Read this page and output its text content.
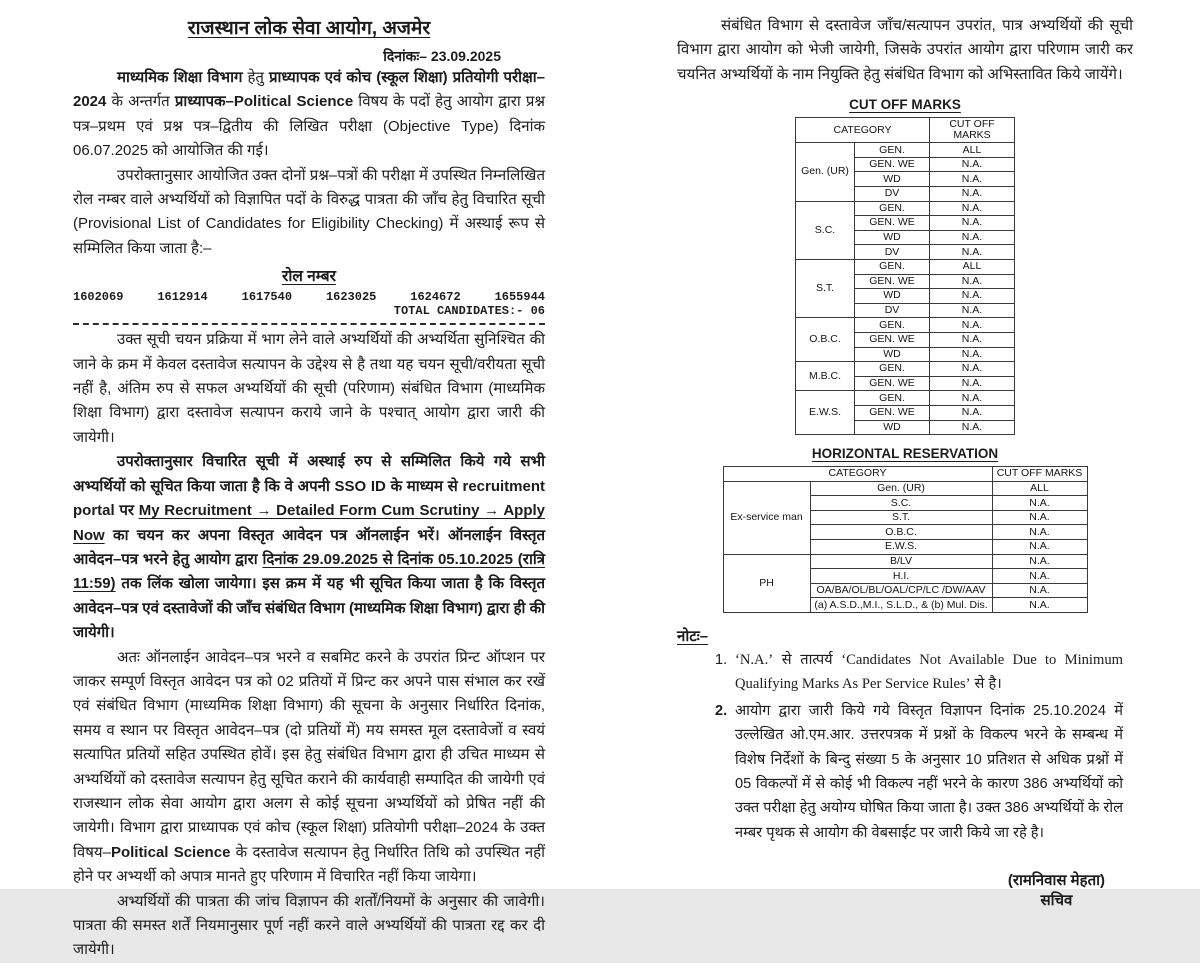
राजस्थान लोक सेवा आयोग, अजमेर
दिनांकः– 23.09.2025

माध्यमिक शिक्षा विभाग हेतु प्राध्यापक एवं कोच (स्कूल शिक्षा) प्रतियोगी परीक्षा–2024 के अन्तर्गत प्राध्यापक–Political Science विषय के पदों हेतु आयोग द्वारा प्रश्न पत्र–प्रथम एवं प्रश्न पत्र–द्वितीय की लिखित परीक्षा (Objective Type) दिनांक 06.07.2025 को आयोजित की गई।

उपरोक्तानुसार आयोजित उक्त दोनों प्रश्न–पत्रों की परीक्षा में उपस्थित निम्नलिखित रोल नम्बर वाले अभ्यर्थियों को विज्ञापित पदों के विरुद्ध पात्रता की जाँच हेतु विचारित सूची (Provisional List of Candidates for Eligibility Checking) में अस्थाई रूप से सम्मिलित किया जाता है:–

रोल नम्बर
1602069	1612914	1617540	1623025	1624672	1655944
TOTAL CANDIDATES:- 06

उक्त सूची चयन प्रक्रिया में भाग लेने वाले अभ्यर्थियों की अभ्यर्थिता सुनिश्चित की जाने के क्रम में केवल दस्तावेज सत्यापन के उद्देश्य से है तथा यह चयन सूची/वरीयता सूची नहीं है, अंतिम रुप से सफल अभ्यर्थियों की सूची (परिणाम) संबंधित विभाग (माध्यमिक शिक्षा विभाग) द्वारा दस्तावेज सत्यापन कराये जाने के पश्चात् आयोग द्वारा जारी की जायेगी।

उपरोक्तानुसार विचारित सूची में अस्थाई रुप से सम्मिलित किये गये सभी अभ्यर्थियों को सूचित किया जाता है कि वे अपनी SSO ID के माध्यम से recruitment portal पर My Recruitment → Detailed Form Cum Scrutiny → Apply Now का चयन कर अपना विस्तृत आवेदन पत्र ऑनलाईन भरें। ऑनलाईन विस्तृत आवेदन–पत्र भरने हेतु आयोग द्वारा दिनांक 29.09.2025 से दिनांक 05.10.2025 (रात्रि 11:59) तक लिंक खोला जायेगा। इस क्रम में यह भी सूचित किया जाता है कि विस्तृत आवेदन–पत्र एवं दस्तावेजों की जाँच संबंधित विभाग (माध्यमिक शिक्षा विभाग) द्वारा ही की जायेगी।

अतः ऑनलाईन आवेदन–पत्र भरने व सबमिट करने के उपरांत प्रिन्ट ऑप्शन पर जाकर सम्पूर्ण विस्तृत आवेदन पत्र को 02 प्रतियों में प्रिन्ट कर अपने पास संभाल कर रखें एवं संबंधित विभाग (माध्यमिक शिक्षा विभाग) की सूचना के अनुसार निर्धारित दिनांक, समय व स्थान पर विस्तृत आवेदन–पत्र (दो प्रतियों में) मय समस्त मूल दस्तावेजों व स्वयं सत्यापित प्रतियों सहित उपस्थित होवें। इस हेतु संबंधित विभाग द्वारा ही उचित माध्यम से अभ्यर्थियों को दस्तावेज सत्यापन हेतु सूचित कराने की कार्यवाही सम्पादित की जायेगी एवं राजस्थान लोक सेवा आयोग द्वारा अलग से कोई सूचना अभ्यर्थियों को प्रेषित नहीं की जायेगी। विभाग द्वारा प्राध्यापक एवं कोच (स्कूल शिक्षा) प्रतियोगी परीक्षा–2024 के उक्त विषय–Political Science के दस्तावेज सत्यापन हेतु निर्धारित तिथि को उपस्थित नहीं होने पर अभ्यर्थी को अपात्र मानते हुए परिणाम में विचारित नहीं किया जायेगा।

अभ्यर्थियों की पात्रता की जांच विज्ञापन की शर्तों/नियमों के अनुसार की जावेगी। पात्रता की समस्त शर्तें नियमानुसार पूर्ण नहीं करने वाले अभ्यर्थियों की पात्रता रद्द कर दी जायेगी।

संबंधित विभाग से दस्तावेज जाँच/सत्यापन उपरांत, पात्र अभ्यर्थियों की सूची विभाग द्वारा आयोग को भेजी जायेगी, जिसके उपरांत आयोग द्वारा परिणाम जारी कर चयनित अभ्यर्थियों के नाम नियुक्ति हेतु संबंधित विभाग को अभिस्तावित किये जायेंगे।

CUT OFF MARKS
CATEGORY		CUT OFF MARKS
Gen. (UR)	GEN.	ALL
	GEN. WE	N.A.
	WD	N.A.
	DV	N.A.
S.C.	GEN.	N.A.
	GEN. WE	N.A.
	WD	N.A.
	DV	N.A.
S.T.	GEN.	ALL
	GEN. WE	N.A.
	WD	N.A.
	DV	N.A.
O.B.C.	GEN.	N.A.
	GEN. WE	N.A.
	WD	N.A.
M.B.C.	GEN.	N.A.
	GEN. WE	N.A.
E.W.S.	GEN.	N.A.
	GEN. WE	N.A.
	WD	N.A.
HORIZONTAL RESERVATION
CATEGORY		CUT OFF MARKS
Ex-service man	Gen. (UR)	ALL
	S.C.	N.A.
	S.T.	N.A.
	O.B.C.	N.A.
	E.W.S.	N.A.
PH	B/LV	N.A.
	H.I.	N.A.
	OA/BA/OL/BL/OAL/CP/LC /DW/AAV	N.A.
	(a) A.S.D.,M.I., S.L.D., & (b) Mul. Dis.	N.A.
नोटः–
1. ‘N.A.’ से तात्पर्य ‘Candidates Not Available Due to Minimum Qualifying Marks As Per Service Rules’ से है।

2. आयोग द्वारा जारी किये गये विस्तृत विज्ञापन दिनांक 25.10.2024 में उल्लेखित ओ.एम.आर. उत्तरपत्रक में प्रश्नों के विकल्प भरने के सम्बन्ध में विशेष निर्देशों के बिन्दु संख्या 5 के अनुसार 10 प्रतिशत से अधिक प्रश्नों में 05 विकल्पों में से कोई भी विकल्प नहीं भरने के कारण 386 अभ्यर्थियों को उक्त परीक्षा हेतु अयोग्य घोषित किया जाता है। उक्त 386 अभ्यर्थियों के रोल नम्बर पृथक से आयोग की वेबसाईट पर जारी किये जा रहे है।

(रामनिवास मेहता)
सचिव
